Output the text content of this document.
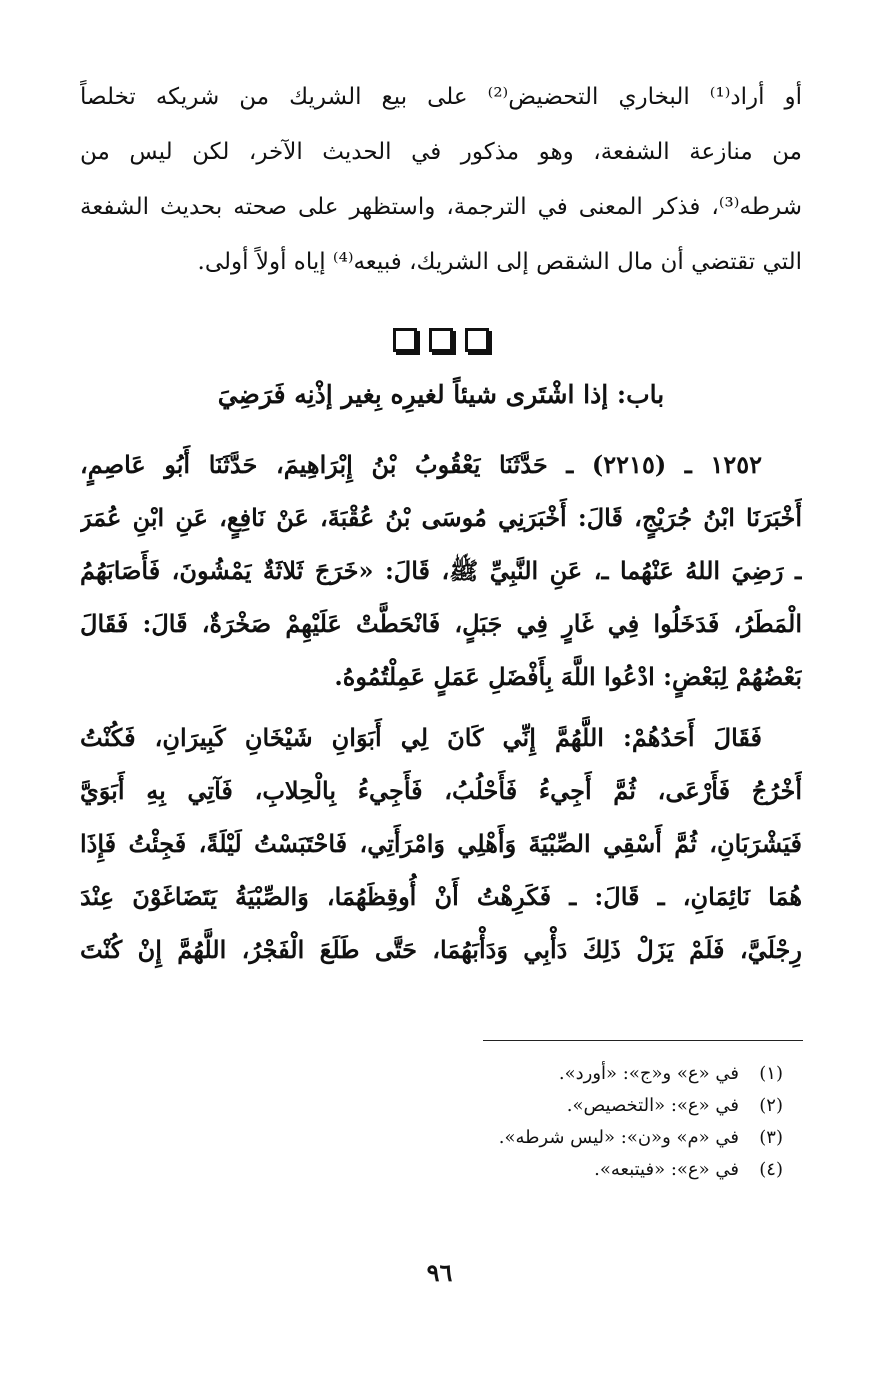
أو أراد⁽¹⁾ البخاري التحضيض⁽²⁾ على بيع الشريك من شريكه تخلصاً
من منازعة الشفعة، وهو مذكور في الحديث الآخر، لكن ليس من
شرطه⁽³⁾، فذكر المعنى في الترجمة، واستظهر على صحته بحديث الشفعة
التي تقتضي أن مال الشقص إلى الشريك، فبيعه⁽⁴⁾ إياه أولاً أولى.
باب: إذا اشْتَرى شيئاً لغيرِه بِغير إذْنِه فَرَضِيَ
١٢٥٢ ـ (٢٢١٥) ـ حَدَّثَنَا يَعْقُوبُ بْنُ إِبْرَاهِيمَ، حَدَّثَنَا أَبُو عَاصِمٍ،
أَخْبَرَنَا ابْنُ جُرَيْجٍ، قَالَ: أَخْبَرَنِي مُوسَى بْنُ عُقْبَةَ، عَنْ نَافِعٍ، عَنِ ابْنِ عُمَرَ
ـ رَضِيَ اللهُ عَنْهُما ـ، عَنِ النَّبِيِّ ﷺ، قَالَ: «خَرَجَ ثَلاثَةٌ يَمْشُونَ، فَأَصَابَهُمُ
الْمَطَرُ، فَدَخَلُوا فِي غَارٍ فِي جَبَلٍ، فَانْحَطَّتْ عَلَيْهِمْ صَخْرَةٌ، قَالَ: فَقَالَ
بَعْضُهُمْ لِبَعْضٍ: ادْعُوا اللَّهَ بِأَفْضَلِ عَمَلٍ عَمِلْتُمُوهُ.
فَقَالَ أَحَدُهُمْ: اللَّهُمَّ إِنِّي كَانَ لِي أَبَوَانِ شَيْخَانِ كَبِيرَانِ، فَكُنْتُ
أَخْرُجُ فَأَرْعَى، ثُمَّ أَجِيءُ فَأَحْلُبُ، فَأَجِيءُ بِالْحِلابِ، فَآتِي بِهِ أَبَوَيَّ
فَيَشْرَبَانِ، ثُمَّ أَسْقِي الصِّبْيَةَ وَأَهْلِي وَامْرَأَتِي، فَاحْتَبَسْتُ لَيْلَةً، فَجِئْتُ فَإِذَا
هُمَا نَائِمَانِ، ـ قَالَ: ـ فَكَرِهْتُ أَنْ أُوقِظَهُمَا، وَالصِّبْيَةُ يَتَضَاغَوْنَ عِنْدَ
رِجْلَيَّ، فَلَمْ يَزَلْ ذَلِكَ دَأْبِي وَدَأْبَهُمَا، حَتَّى طَلَعَ الْفَجْرُ، اللَّهُمَّ إِنْ كُنْتَ
(١)
في «ع» و«ج»: «أورد».
(٢)
في «ع»: «التخصيص».
(٣)
في «م» و«ن»: «ليس شرطه».
(٤)
في «ع»: «فيتبعه».
٩٦
